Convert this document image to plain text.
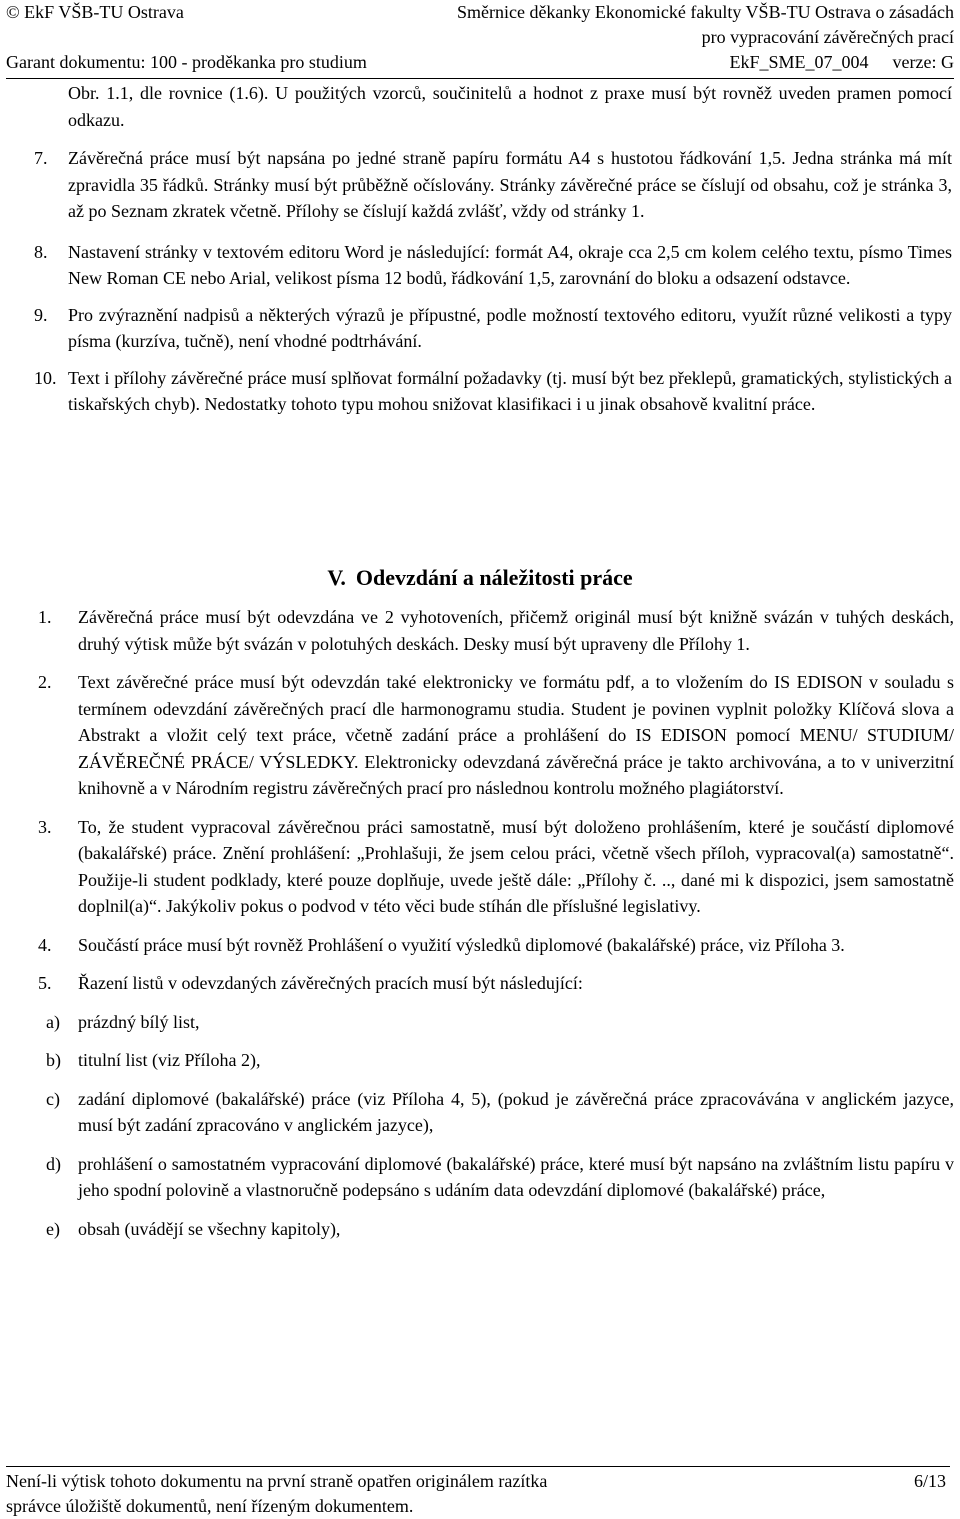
© EkF VŠB-TU Ostrava	Směrnice děkanky Ekonomické fakulty VŠB-TU Ostrava o zásadách
pro vypracování závěrečných prací
Garant dokumentu: 100 - proděkanka pro studium	EkF_SME_07_004 verze: G

Obr. 1.1, dle rovnice (1.6). U použitých vzorců, součinitelů a hodnot z praxe musí být rovněž uveden pramen pomocí odkazu.

7. Závěrečná práce musí být napsána po jedné straně papíru formátu A4 s hustotou řádkování 1,5. Jedna stránka má mít zpravidla 35 řádků. Stránky musí být průběžně očíslovány. Stránky závěrečné práce se číslují od obsahu, což je stránka 3, až po Seznam zkratek včetně. Přílohy se číslují každá zvlášť, vždy od stránky 1.

8. Nastavení stránky v textovém editoru Word je následující: formát A4, okraje cca 2,5 cm kolem celého textu, písmo Times New Roman CE nebo Arial, velikost písma 12 bodů, řádkování 1,5, zarovnání do bloku a odsazení odstavce.

9. Pro zvýraznění nadpisů a některých výrazů je přípustné, podle možností textového editoru, využít různé velikosti a typy písma (kurzíva, tučně), není vhodné podtrhávání.

10. Text i přílohy závěrečné práce musí splňovat formální požadavky (tj. musí být bez překlepů, gramatických, stylistických a tiskařských chyb). Nedostatky tohoto typu mohou snižovat klasifikaci i u jinak obsahově kvalitní práce.

V. Odevzdání a náležitosti práce
1. Závěrečná práce musí být odevzdána ve 2 vyhotoveních, přičemž originál musí být knižně svázán v tuhých deskách, druhý výtisk může být svázán v polotuhých deskách. Desky musí být upraveny dle Přílohy 1.

2. Text závěrečné práce musí být odevzdán také elektronicky ve formátu pdf, a to vložením do IS EDISON v souladu s termínem odevzdání závěrečných prací dle harmonogramu studia. Student je povinen vyplnit položky Klíčová slova a Abstrakt a vložit celý text práce, včetně zadání práce a prohlášení do IS EDISON pomocí MENU/ STUDIUM/ ZÁVĚREČNÉ PRÁCE/ VÝSLEDKY. Elektronicky odevzdaná závěrečná práce je takto archivována, a to v univerzitní knihovně a v Národním registru závěrečných prací pro následnou kontrolu možného plagiátorství.

3. To, že student vypracoval závěrečnou práci samostatně, musí být doloženo prohlášením, které je součástí diplomové (bakalářské) práce. Znění prohlášení: „Prohlašuji, že jsem celou práci, včetně všech příloh, vypracoval(a) samostatně“. Použije-li student podklady, které pouze doplňuje, uvede ještě dále: „Přílohy č. .., dané mi k dispozici, jsem samostatně doplnil(a)“. Jakýkoliv pokus o podvod v této věci bude stíhán dle příslušné legislativy.

4. Součástí práce musí být rovněž Prohlášení o využití výsledků diplomové (bakalářské) práce, viz Příloha 3.

5. Řazení listů v odevzdaných závěrečných pracích musí být následující:

a) prázdný bílý list,

b) titulní list (viz Příloha 2),

c) zadání diplomové (bakalářské) práce (viz Příloha 4, 5), (pokud je závěrečná práce zpracovávána v anglickém jazyce, musí být zadání zpracováno v anglickém jazyce),

d) prohlášení o samostatném vypracování diplomové (bakalářské) práce, které musí být napsáno na zvláštním listu papíru v jeho spodní polovině a vlastnoručně podepsáno s udáním data odevzdání diplomové (bakalářské) práce,

e) obsah (uvádějí se všechny kapitoly),

Není-li výtisk tohoto dokumentu na první straně opatřen originálem razítka	6/13
správce úložiště dokumentů, není řízeným dokumentem.
